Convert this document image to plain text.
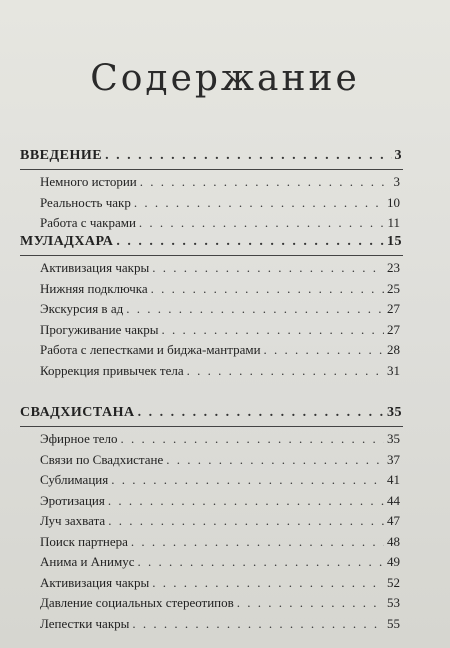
Содержание
ВВЕДЕНИЕ . . .	3
Немного истории . . .	3
Реальность чакр . . .	10
Работа с чакрами . . .	11
МУЛАДХАРА . . .	15
Активизация чакры . . .	23
Нижняя подключка . . .	25
Экскурсия в ад . . .	27
Прогуживание чакры . . .	27
Работа с лепестками и биджа-мантрами . . .	28
Коррекция привычек тела . . .	31
СВАДХИСТАНА . . .	35
Эфирное тело . . .	35
Связи по Свадхистане . . .	37
Сублимация . . .	41
Эротизация . . .	44
Луч захвата . . .	47
Поиск партнера . . .	48
Анима и Анимус . . .	49
Активизация чакры . . .	52
Давление социальных стереотипов . . .	53
Лепестки чакры . . .	55
